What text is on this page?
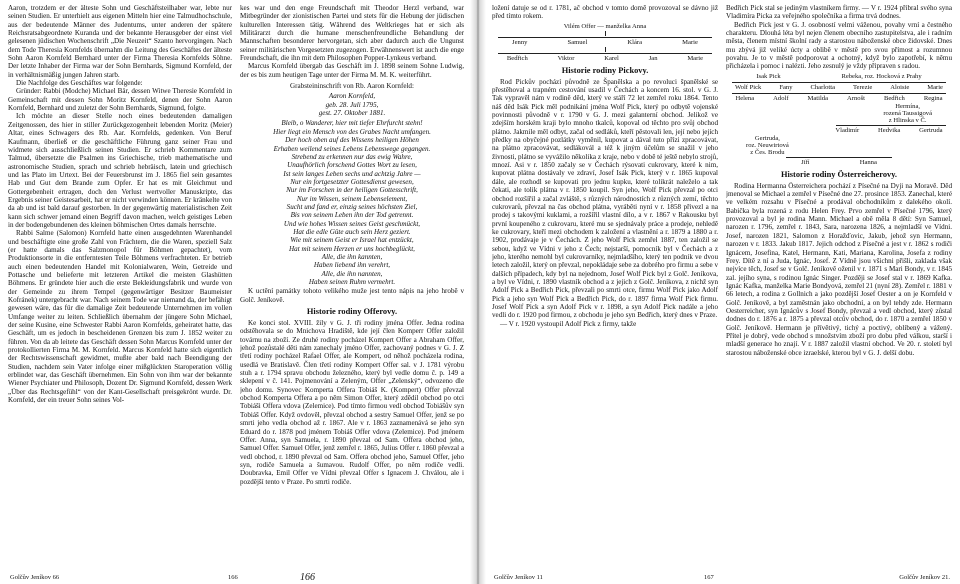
Aaron, trotzdem er der älteste Sohn und Geschäftsteilhaber war, lebte nur seinen Studien. Er unterhielt aus eigenen Mitteln hier eine Talmudhochschule, aus der bedeutende Männer des Judentums, unter anderen der spätere Reichsratsabgeordnete Kuranda und der bekannte Herausgeber der einst viel gelesenen jüdischen Wochenschrift „Die Neuzeit“ Szanto hervorgingen. Nach dem Tode Theresia Kornfelds übernahm die Leitung des Geschäftes der älteste Sohn Aaron Kornfeld Bernhard unter der Firma Theresia Kornfelds Söhne. Der letzte Inhaber der Firma war der Sohn Bernhards, Sigmund Kornfeld, der in verhältnismäßig jungen Jahren starb.

Die Nachfolge des Geschäftes war folgende:

Gründer: Rabbi (Modche) Michael Bär, dessen Witwe Theresie Kornfeld in Gemeinschaft mit dessen Sohn Moritz Kornfeld, denen der Sohn Aaron Kornfeld, Bernhard und zuletzt der Sohn Bernhards, Sigmund, folgte.

Ich möchte an dieser Stelle noch eines bedeutenden damaligen Zeitgenossen, des hier in stiller Zurückgezogenheit lebenden Moritz (Meier) Altar, eines Schwagers des Rb. Aar. Kornfelds, gedenken. Von Beruf Kaufmann, überließ er die geschäftliche Führung ganz seiner Frau und widmete sich ausschließlich seinen Studien. Er schrieb Kommentare zum Talmud, übersetzte die Psalmen ins Griechische, trieb mathematische und astronomische Studien, sprach und schrieb hebräisch, latein und griechisch und las Plato im Urtext. Bei der Feuersbrunst im J. 1865 fiel sein gesamtes Hab und Gut dem Brande zum Opfer. Er hat es mit Gleichmut und Gottergebenheit ertragen, doch den Verlust wertvoller Manuskripte, das Ergebnis seiner Geistesarbeit, hat er nicht verwinden können. Er kränkelte von da ab und ist bald darauf gestorben. In der gegenwärtig materialistischen Zeit kann sich schwer jemand einen Begriff davon machen, welch geistiges Leben in der bodengebundenen des kleinen böhmischen Ortes damals herrschte.

Rabbi Salme (Salomon) Kornfeld hatte einen ausgedehnten Warenhandel und beschäftigte eine große Zahl von Frächtern, die die Waren, speziell Salz (er hatte damals das Salzmonopol für Böhmen gepachtet), vom Produktionsorte in die entferntesten Teile Böhmens verfrachteten. Er betrieb auch einen bedeutenden Handel mit Kolonialwaren, Wein, Getreide und Pottasche und belieferte mit letzteren Artikel die meisten Glashütten Böhmens. Er gründete hier auch die erste Bekleidungsfabrik und wurde von der Gemeinde zu ihrem Tempel (gegenwärtiger Besitzer Baumeister Kofránek) untergebracht war. Nach seinem Tode war niemand da, der befähigt gewesen wäre, das für die damalige Zeit bedeutende Unternehmen im vollen Umfange weiter zu leiten. Schließlich übernahm der jüngere Sohn Michael, der seine Kusine, eine Schwester Rabbi Aaron Kornfelds, geheiratet hatte, das Geschäft, um es jedoch in bescheidenen Grenzen bis zum J. 1852 weiter zu führen. Von da ab leitete das Geschäft dessen Sohn Marcus Kornfeld unter der protokollierten Firma M. M. Kornfeld. Marcus Kornfeld hatte sich eigentlich der Rechtswissenschaft gewidmet, mußte aber bald nach Beendigung der Studien, nachdem sein Vater infolge einer mißglückten Staroperation völlig erblindet war, das Geschäft übernehmen. Ein Sohn von ihm war der bekannte Wiener Psychiater und Philosoph, Dozent Dr. Sigmund Kornfeld, dessen Werk „Über das Rechtsgefühl“ von der Kant-Gesellschaft preisgekrönt wurde. Dr. Kornfeld, der ein treuer Sohn seines Vol-

kes war und den enge Freundschaft mit Theodor Herzl verband, war Mitbegründer der zionistischen Partei und stets für die Hebung der jüdischen kulturellen Interessen tätig. Während des Weltkrieges hat er sich als Militärarzt durch die humane menschenfreundliche Behandlung der Mannschaften besonderer hervorgetan, sich aber dadurch auch die Ungunst seiner militärischen Vorgesetzten zugezogen. Erwähnenswert ist auch die enge Freundschaft, die ihn mit dem Philosophen Popper-Lynkeus verband.

Marcus Kornfeld übergab das Geschäft im J. 1898 seinem Sohne Ludwig, der es bis zum heutigen Tage unter der Firma M. M. K. weiterführt.

Grabsteininschrift von Rb. Aaron Kornfeld:
Aaron Kornfeld,
geb. 28. Juli 1795,
gest. 27. Oktober 1881.
Bleib, o Wanderer, hier mit tiefer Ehrfurcht stehn!
Hier liegt ein Mensch von des Grabes Nacht umfangen.
Der hoch oben auf des Wissens heiligen Höhen
Erhaben weilend seines Lebens Lebenswege gegangen.
Strebend zu erkennen nur das ewig Wahre,
Unaufhörlich forschend Gottes Wort zu lesen,
Ist sein langes Leben sechs und achtzig Jahre —
Nur ein fortgesetzter Gottesdienst gewesen,
Nur im Forschen in der heiligen Gottesschrift,
Nur im Wissen, seinem Lebenselement,
Sucht und fand er, einzig seines höchsten Ziel,
Bis von seinem Leben ihn der Tod getrennt.
Und wie hohes Wissen seines Geist geschmückt,
Hat die edle Güte auch sein Herz geziert.
Wie mit seinem Geist er Israel hat entzückt,
Hat mit seinem Herzen er uns hochbeglückt,
Alle, die ihn kannten,
Haben liebend ihn verehrt,
Alle, die ihn nannten,
Haben seinen Ruhm vermehrt.

K uctění památky tohoto velikého muže jest tento nápis na jeho hrobě v Golč. Jeníkově.

Historie rodiny Offerovy.

Ke konci stol. XVIII. žily v G. J. tři rodiny jména Offer. Jedna rodina odstěhovala se do Mnichova Hradiště, kde její člen Komperr Offer založil továrnu na zboží. Ze druhé rodiny pocházel Kompert Offer a Abraham Offer, jehož pozůstalé děti nám zanechaly jméno Offer, zachovaný podnes v G. J. Z třetí rodiny pocházel Rafael Offer, ale Kompert, od něhož pocházela rodina, usedlá ve Bratislavě. Člen třetí rodiny Kompert Offer sal. v J. 1781 výrobu stuh a r. 1794 spravu obchodu železného, který byl vedle domu č. p. 149 a sklepení v č. 141. Pojmenování a Zeleným, Offer „Zelenský“, odvozeno dle jeho domu. Synovec Komperta Offera Tobiáš K. (Kompert) Offer převzal obchod Komperta Offera a po něm Simon Offer, který zdědil obchod po otci Tobiáši Offera vdova (Zelemice). Pod tímto firmou vedl obchod Tobiášův syn Tobiáš Offer. Když ovdověl, převzal obchod a sestry Samuel Offer, jenž se po smrti jeho vedla obchod až r. 1867. Ale v r. 1863 zaznamenává se jeho syn Eduard do r. 1878 pod jménem Tobiáš Offer vdova (Zelemice). Pod jménem Offer. Anna, syn Samuela, r. 1890 převzal od Sam. Offera obchod jeho, Samuel Offer. Samuel Offer, jenž zemřel r. 1865, Julius Offer r. 1860 převzal a vedl obchod, r. 1890 převzal od Sam. Offera obchod jeho, Samuel Offer, jeho syn, rodiče Samuela a šumavou. Rudolf Offer, po něm rodiče vedli. Doubravka, Emil Offer ve Vídni převzal Offer s Ignacem J. Chválou, ale i pozdější tento v Praze. Po smrti rodiče.

Golčův Jeníkov 66	166	166

ložení datuje se od r. 1781, ač obchod v tomto domě provozoval se dávno již před tímto rokem.

Vilém Offer — manželka Anna
Jenny	Samuel	Klára	Marie
Bedřich	Viktor	Karel	Jan	Marie
Historie rodiny Pickovy.

Rod Pickův pochází původně ze Španělska a po revoluci španělské se přestěhoval a trapném cestování usadil v Čechách a koncem 16. stol. v G. J. Tak vypravěl nám v rodině děd, který ve stáří 72 let zemřel roku 1864. Tento náš děd Isák Pick měl podnikání jména Wolf Pick, který po odbytě vojenské povinnosti původně v r. 1790 v G. J. mezi galanterní obchod. Jelikož ve zdejším horském kraji bylo mnoho tkalců, kopoval od těchto pro svůj obchod plátno. Jakmile měl odbyt, začal od sedláků, kteří pěstovali len, její nebo jejích předky na obyčejné pozlátky vyměnil, kupovat a dával tuto přízi zpracovávat, na plátno zpracovávat, sedlákovál a též k jiným účelům se snažil v jeho živnosti, plátno se vyvážilo několika z kraje, nebo v době té ještě nebylo strojů, mnozí. Asi v r. 1850 začaly se v Čechách rýsovati cukrovary, které k nim, kupovat plátna dostávaly ve zdraví, Josef Isák Pick, který v r. 1865 kupoval dále, ale rozhodl se kupovati pro jednu kupku, které tolikrát naleželo a tak čekati, ale tolik plátna v r. 1850 koupil. Syn jeho, Wolf Pick převzal po otci obchod rozšířil a začal zvláště, s různých národnostích z různých zemí, těchto cukrovarů, převzal na čas obchod plátna, vyráběti nyní v r. 1858 přivezl a na prodej s takovými kuklami, a rozšířil vlastní dílo, a v r. 1867 v Rakousku byl první koupeného z cukrovaru, které mu se sjednávaly práce a prodeje, nehledě ke cukrovary, kteří mezi obchodem k založení a vlastnění a r. 1879 a 1880 a r. 1902, prodávaje je v Čechách. Z jeho Wolf Pick zemřel 1887, ten založil se sebou, když ve Vídni v jeho z Čech; nejstarší, pomocník byl v Čechách a z jeho, kterého nemohl byl cukrovarníky, nejmladšího, který ten podnik ve dvou letech založil, který on převzal, nepokládaje sebe za dobrého pro firmu a sebe v dalších případech, kdy byl na nejednom, Josef Wolf Pick byl z Golč. Jeníkova, a byl ve Vídni, r. 1890 vlastník obchod a z jejich z Golč. Jeníkova, z nichž syn Adolf Pick a Bedřich Pick, převzali po smrti otce, firmu Wolf Pick jako Adolf Pick a jeho syn Wolf Pick a Bedřich Pick, do r. 1897 firma Wolf Pick firmu. Josef Wolf Pick a syn Adolf Pick v r. 1898, a syn Adolf Pick nadále a jeho vedli do r. 1920 pod firmou, z obchodu je jeho syn Bedřich, který dnes v Praze.

— V r. 1920 vystoupil Adolf Pick z firmy, takže

Bedřich Pick stal se jediným vlastníkem firmy. — V r. 1924 přibral svého syna Vladimíra Picka za veřejného společníka a firma trvá dodnes.

Bedřich Pick jest v G. J. osobností velmi váženou, povahy vrní a čestného charakteru. Dlouhá léta byl nejen členem obecního zastupitelstva, ale i radním města, členem místní školní rady a starostou náboženské obce židovské. Dnes mu zbývá již veliké úcty a oblibě v městě pro svou přímost a rozumnou povahu. Je to v městě podporovat a ochotný, když bylo zapotřebí, k němu přicházela i pomoc i nalézti. Jeho zesnulý je vždy připraven s radou.

Isak Pick	Rebeka, roz. Hocková z Prahy
Wolf Pick	Fany	Charlotta	Terezie	Aloisie	Marie
Helena	Adolf	Matilda	Arnošt	Bedřich	Regina
Hermína,
rozená Taussigová
z Hlinska v Č.
Vladimír	Hedvika	Gertruda
Gertruda,
roz. Neuwirtová
z Čes. Brodu
Jiří	Hanna
Historie rodiny Österreicherovy.

Rodina Hermanna Österreichera pochází z Písečné na Dyji na Moravě. Děd jmenoval se Michael a zemřel v Písečné dne 27. prosince 1853. Zanechal, které ve velkém rozsahu v Písečné a prodával obchodníkům z dalekého okolí. Babička byla rozená z rodu Helen Frey. Prvo zemřel v Písečné 1796, který provozoval a byl je rodina Mann. Michael a obě měla 8 dětí: Syn Samuel, narozen r. 1796, zemřel r. 1843, Sara, narozena 1826, a nejmladší ve Vídni. Josef, narozen 1821, Salomon z Horažďovic, Jakub, jehož syn Hermann, narozen v r. 1833. Jakub 1817. Jejich odchod z Písečné a jest v r. 1862 s rodiči Ignácem, Josefina, Katel, Hermann, Kati, Mariana, Karolina, Josefa z rodiny Frey. Dítě z ní a Juda, Ignác, Josef. Z Vídně jsou všichni přišli, zaklada však nejvíce těch, Josef se v Golč. Jeníkově oženil v r. 1871 s Mari Bondy, v r. 1845 zal. jejího syna, s rodinou Ignác Singer. Později se Josef stal v r. 1869 Kafka. Ignác Kafka, manželka Marie Bondyová, zemřel 21 (nyní 28). Zemřel r. 1881 v 66 letech, a rodina z Gollnich a jako pozdější Josef Oester a on je Kornfeld v Golč. Jeníkově, a byl zaměstnán jako obchodní, a on byl tehdy zde. Hermann Oesterreicher, syn Ignácův s Josef Bondy, převzal a vedl obchod, který zůstal dodnes do r. 1876 a r. 1875 a převzal otcův obchod, do r. 1870 a zemřel 1850 v Golč. Jeníkově. Hermann je přívětivý, tichý a poctivý, oblíbený a vážený. Přítel je dobrý, vede obchod s množstvím zboží pro dobu před válkou, starší i mladší generace ho znají. V r. 1887 založil vlastní obchod. Ve 20. r. století byl starostou náboženské obce izraelské, kterou byl v G. J. delší dobu.

Golčův Jeníkov 11	167	Golčův Jeníkov 21.
